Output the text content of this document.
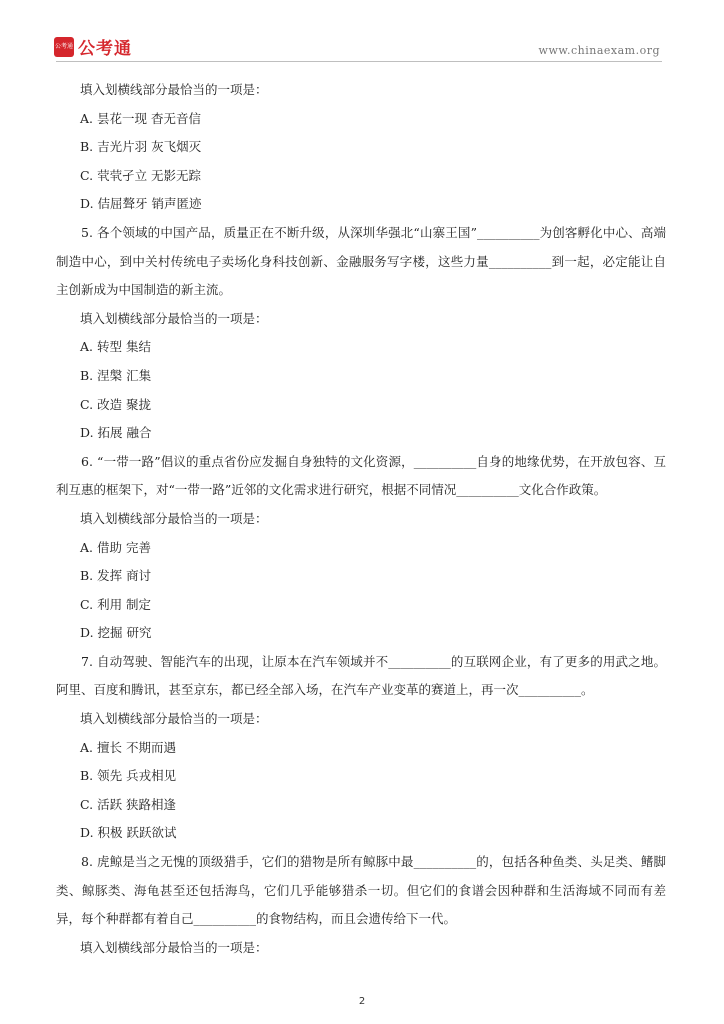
公考通 公考通	www.chinaexam.org
填入划横线部分最恰当的一项是：
A. 昙花一现 杳无音信
B. 吉光片羽 灰飞烟灭
C. 茕茕孑立 无影无踪
D. 佶屈聱牙 销声匿迹
5. 各个领域的中国产品，质量正在不断升级，从深圳华强北“山寨王国”__________为创客孵化中心、高端制造中心，到中关村传统电子卖场化身科技创新、金融服务写字楼，这些力量__________到一起，必定能让自主创新成为中国制造的新主流。
填入划横线部分最恰当的一项是：
A. 转型 集结
B. 涅槃 汇集
C. 改造 聚拢
D. 拓展 融合
6. “一带一路”倡议的重点省份应发掘自身独特的文化资源，__________自身的地缘优势，在开放包容、互利互惠的框架下，对“一带一路”近邻的文化需求进行研究，根据不同情况__________文化合作政策。
填入划横线部分最恰当的一项是：
A. 借助 完善
B. 发挥 商讨
C. 利用 制定
D. 挖掘 研究
7. 自动驾驶、智能汽车的出现，让原本在汽车领域并不__________的互联网企业，有了更多的用武之地。阿里、百度和腾讯，甚至京东，都已经全部入场，在汽车产业变革的赛道上，再一次__________。
填入划横线部分最恰当的一项是：
A. 擅长 不期而遇
B. 领先 兵戎相见
C. 活跃 狭路相逢
D. 积极 跃跃欲试
8. 虎鲸是当之无愧的顶级猎手，它们的猎物是所有鲸豚中最__________的，包括各种鱼类、头足类、鳍脚类、鲸豚类、海龟甚至还包括海鸟，它们几乎能够猎杀一切。但它们的食谱会因种群和生活海域不同而有差异，每个种群都有着自己__________的食物结构，而且会遗传给下一代。
填入划横线部分最恰当的一项是：
2
